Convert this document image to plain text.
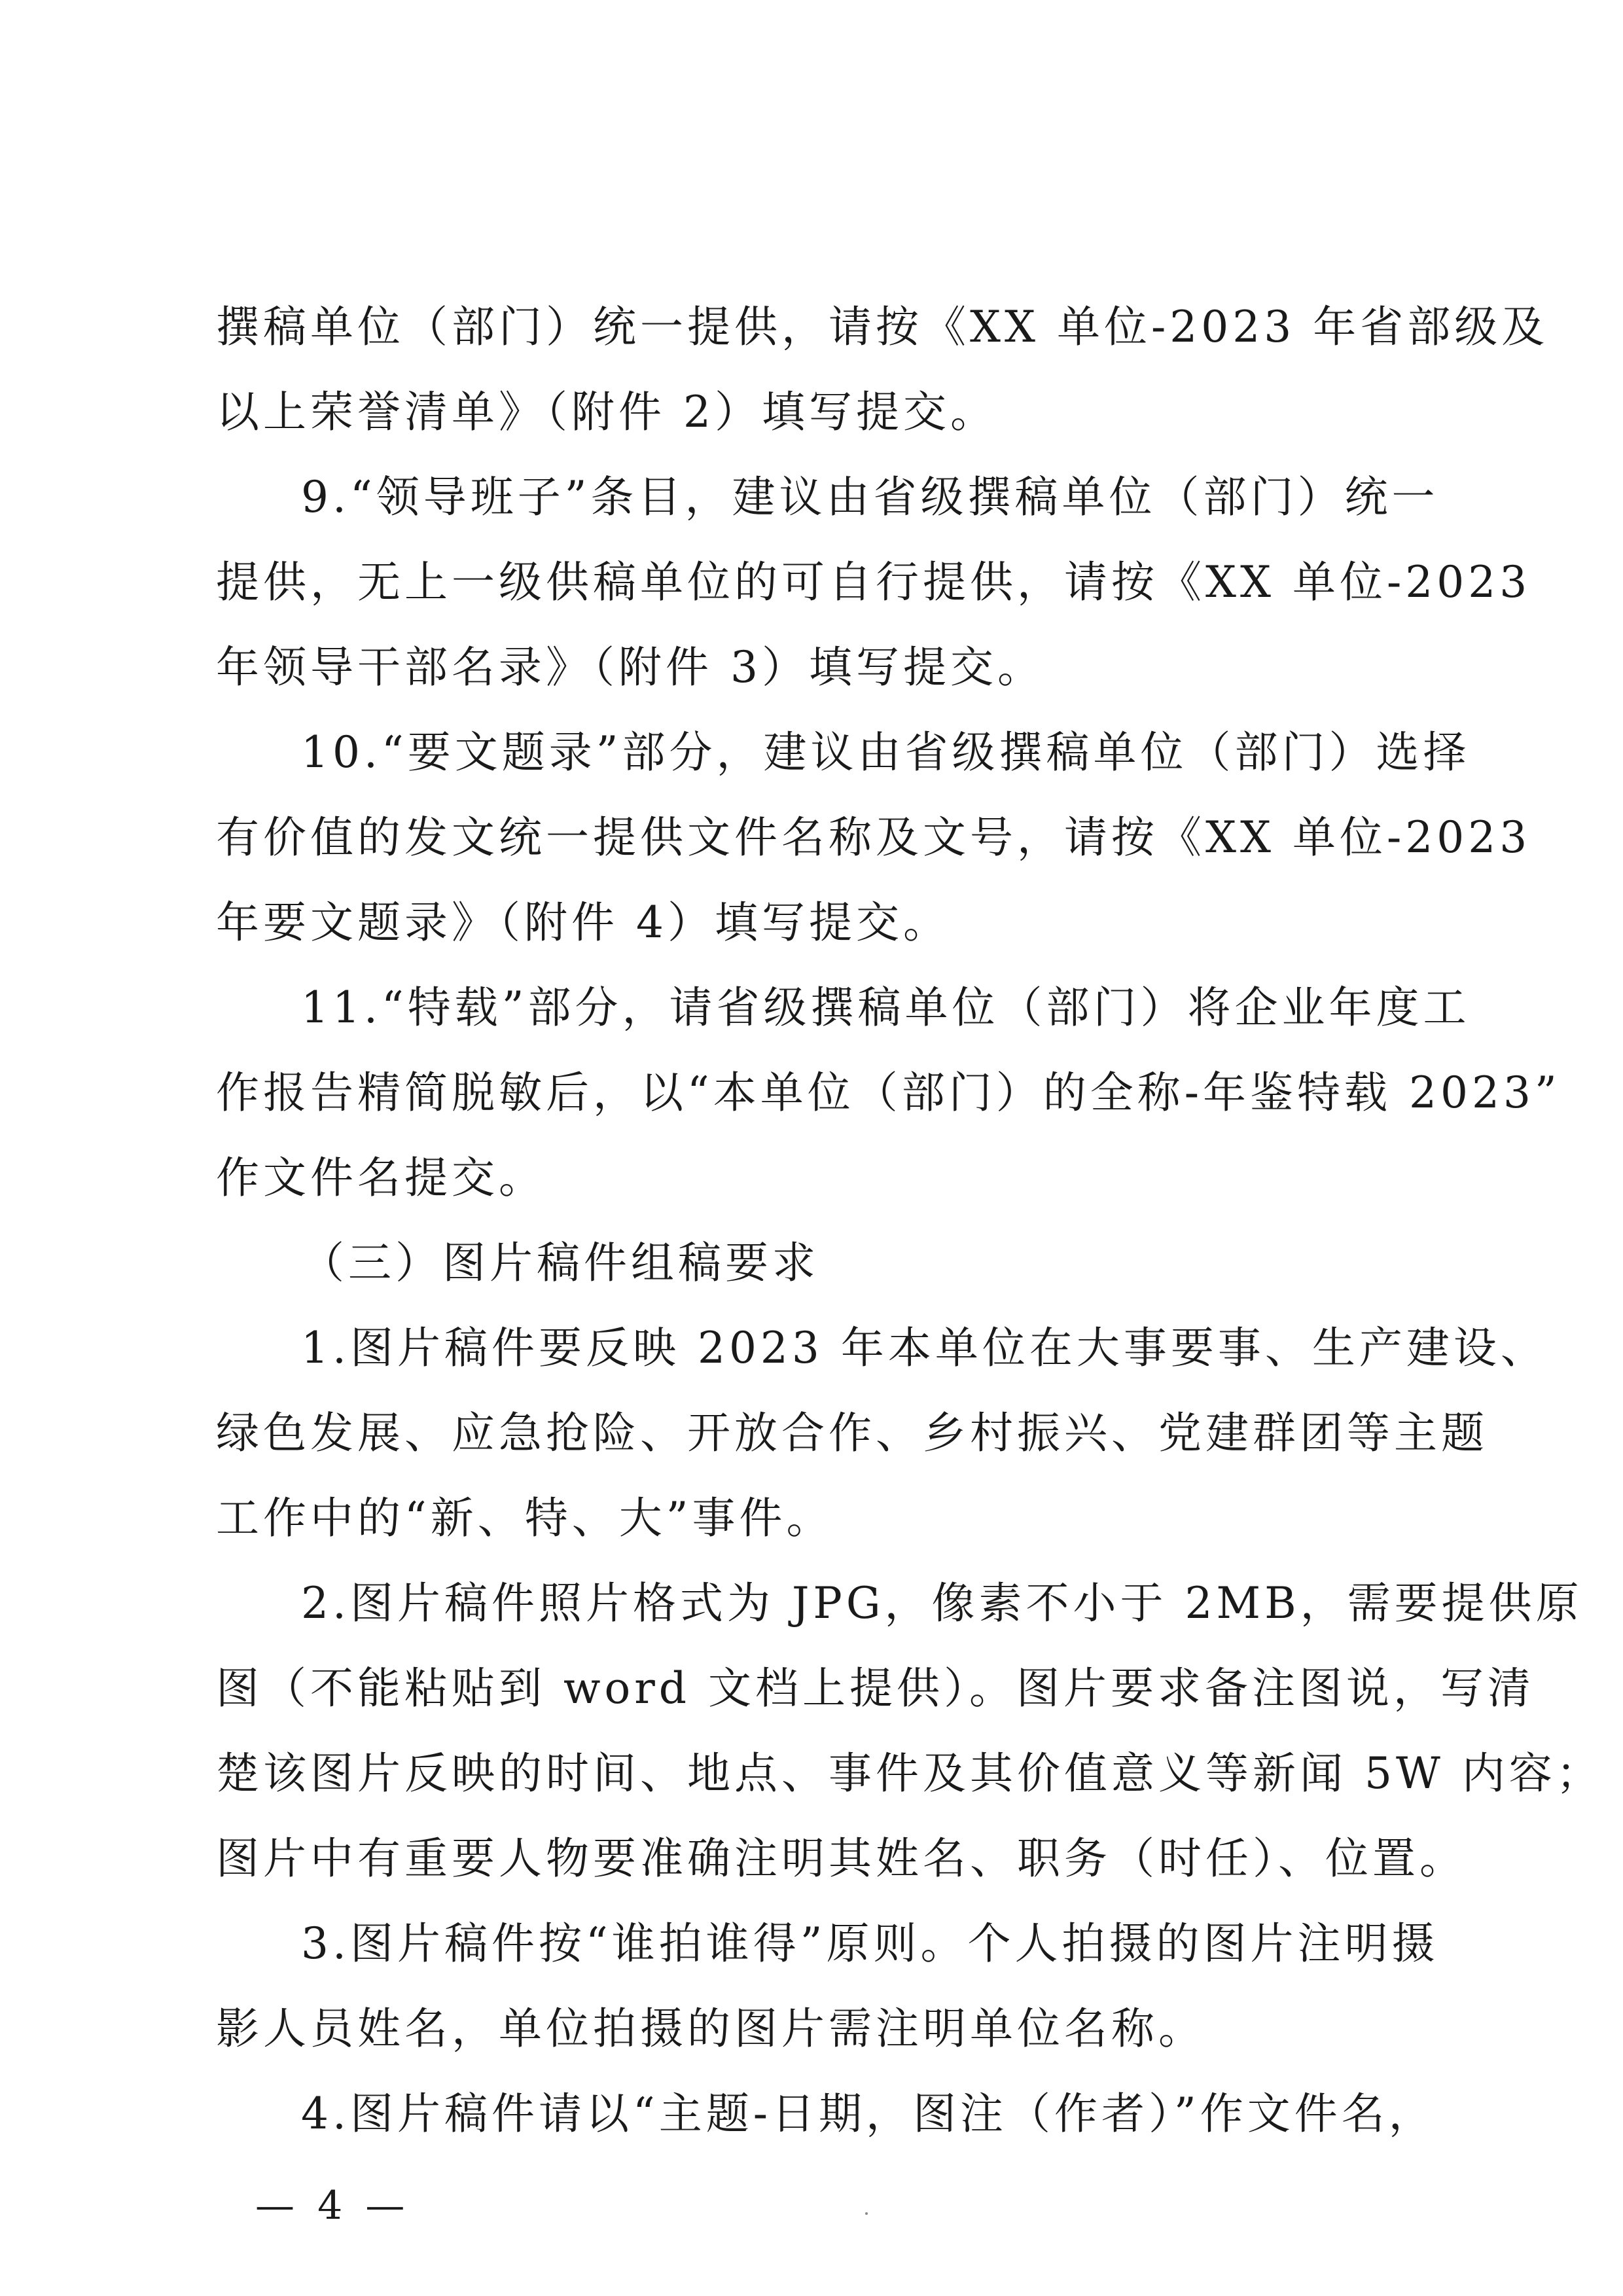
撰稿单位（部门）统一提供，请按《XX 单位-2023 年省部级及
以上荣誉清单》（附件 2）填写提交。
9.“领导班子”条目，建议由省级撰稿单位（部门）统一
提供，无上一级供稿单位的可自行提供，请按《XX 单位-2023
年领导干部名录》（附件 3）填写提交。
10.“要文题录”部分，建议由省级撰稿单位（部门）选择
有价值的发文统一提供文件名称及文号，请按《XX 单位-2023
年要文题录》（附件 4）填写提交。
11.“特载”部分，请省级撰稿单位（部门）将企业年度工
作报告精简脱敏后，以“本单位（部门）的全称-年鉴特载 2023”
作文件名提交。
（三）图片稿件组稿要求
1.图片稿件要反映 2023 年本单位在大事要事、生产建设、
绿色发展、应急抢险、开放合作、乡村振兴、党建群团等主题
工作中的“新、特、大”事件。
2.图片稿件照片格式为 JPG，像素不小于 2MB，需要提供原
图（不能粘贴到 word 文档上提供）。图片要求备注图说，写清
楚该图片反映的时间、地点、事件及其价值意义等新闻 5W 内容；
图片中有重要人物要准确注明其姓名、职务（时任）、位置。
3.图片稿件按“谁拍谁得”原则。个人拍摄的图片注明摄
影人员姓名，单位拍摄的图片需注明单位名称。
4.图片稿件请以“主题-日期，图注（作者）”作文件名，
— 4 —
